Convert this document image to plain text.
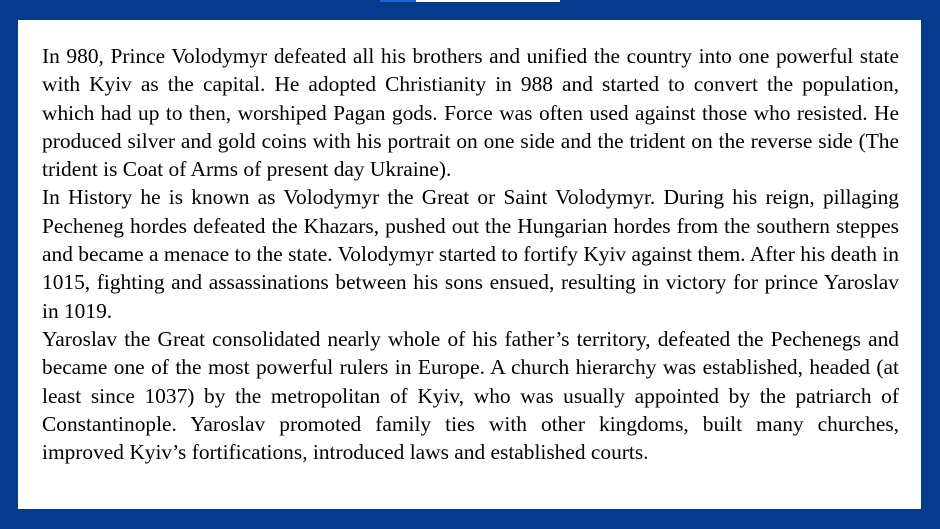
In 980, Prince Volodymyr defeated all his brothers and unified the country into one powerful state with Kyiv as the capital. He adopted Christianity in 988 and started to convert the population, which had up to then, worshiped Pagan gods. Force was often used against those who resisted. He produced silver and gold coins with his portrait on one side and the trident on the reverse side (The trident is Coat of Arms of present day Ukraine).

In History he is known as Volodymyr the Great or Saint Volodymyr. During his reign, pillaging Pecheneg hordes defeated the Khazars, pushed out the Hungarian hordes from the southern steppes and became a menace to the state. Volodymyr started to fortify Kyiv against them. After his death in 1015, fighting and assassinations between his sons ensued, resulting in victory for prince Yaroslav in 1019.

Yaroslav the Great consolidated nearly whole of his father’s territory, defeated the Pechenegs and became one of the most powerful rulers in Europe. A church hierarchy was established, headed (at least since 1037) by the metropolitan of Kyiv, who was usually appointed by the patriarch of Constantinople. Yaroslav promoted family ties with other kingdoms, built many churches, improved Kyiv’s fortifications, introduced laws and established courts.
